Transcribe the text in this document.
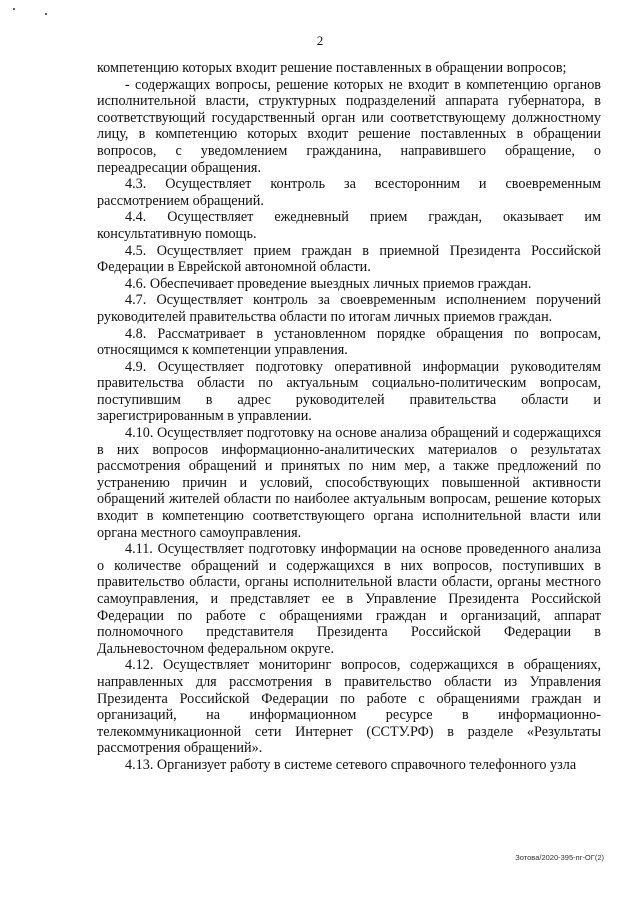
2

компетенцию которых входит решение поставленных в обращении вопросов;

- содержащих вопросы, решение которых не входит в компетенцию органов исполнительной власти, структурных подразделений аппарата губернатора, в соответствующий государственный орган или соответствующему должностному лицу, в компетенцию которых входит решение поставленных в обращении вопросов, с уведомлением гражданина, направившего обращение, о переадресации обращения.

4.3. Осуществляет контроль за всесторонним и своевременным рассмотрением обращений.

4.4. Осуществляет ежедневный прием граждан, оказывает им консультативную помощь.

4.5. Осуществляет прием граждан в приемной Президента Российской Федерации в Еврейской автономной области.

4.6. Обеспечивает проведение выездных личных приемов граждан.

4.7. Осуществляет контроль за своевременным исполнением поручений руководителей правительства области по итогам личных приемов граждан.

4.8. Рассматривает в установленном порядке обращения по вопросам, относящимся к компетенции управления.

4.9. Осуществляет подготовку оперативной информации руководителям правительства области по актуальным социально-политическим вопросам, поступившим в адрес руководителей правительства области и зарегистрированным в управлении.

4.10. Осуществляет подготовку на основе анализа обращений и содержащихся в них вопросов информационно-аналитических материалов о результатах рассмотрения обращений и принятых по ним мер, а также предложений по устранению причин и условий, способствующих повышенной активности обращений жителей области по наиболее актуальным вопросам, решение которых входит в компетенцию соответствующего органа исполнительной власти или органа местного самоуправления.

4.11. Осуществляет подготовку информации на основе проведенного анализа о количестве обращений и содержащихся в них вопросов, поступивших в правительство области, органы исполнительной власти области, органы местного самоуправления, и представляет ее в Управление Президента Российской Федерации по работе с обращениями граждан и организаций, аппарат полномочного представителя Президента Российской Федерации в Дальневосточном федеральном округе.

4.12. Осуществляет мониторинг вопросов, содержащихся в обращениях, направленных для рассмотрения в правительство области из Управления Президента Российской Федерации по работе с обращениями граждан и организаций, на информационном ресурсе в информационно-телекоммуникационной сети Интернет (ССТУ.РФ) в разделе «Результаты рассмотрения обращений».

4.13. Организует работу в системе сетевого справочного телефонного узла

Зотова/2020-395-пг-ОГ(2)
